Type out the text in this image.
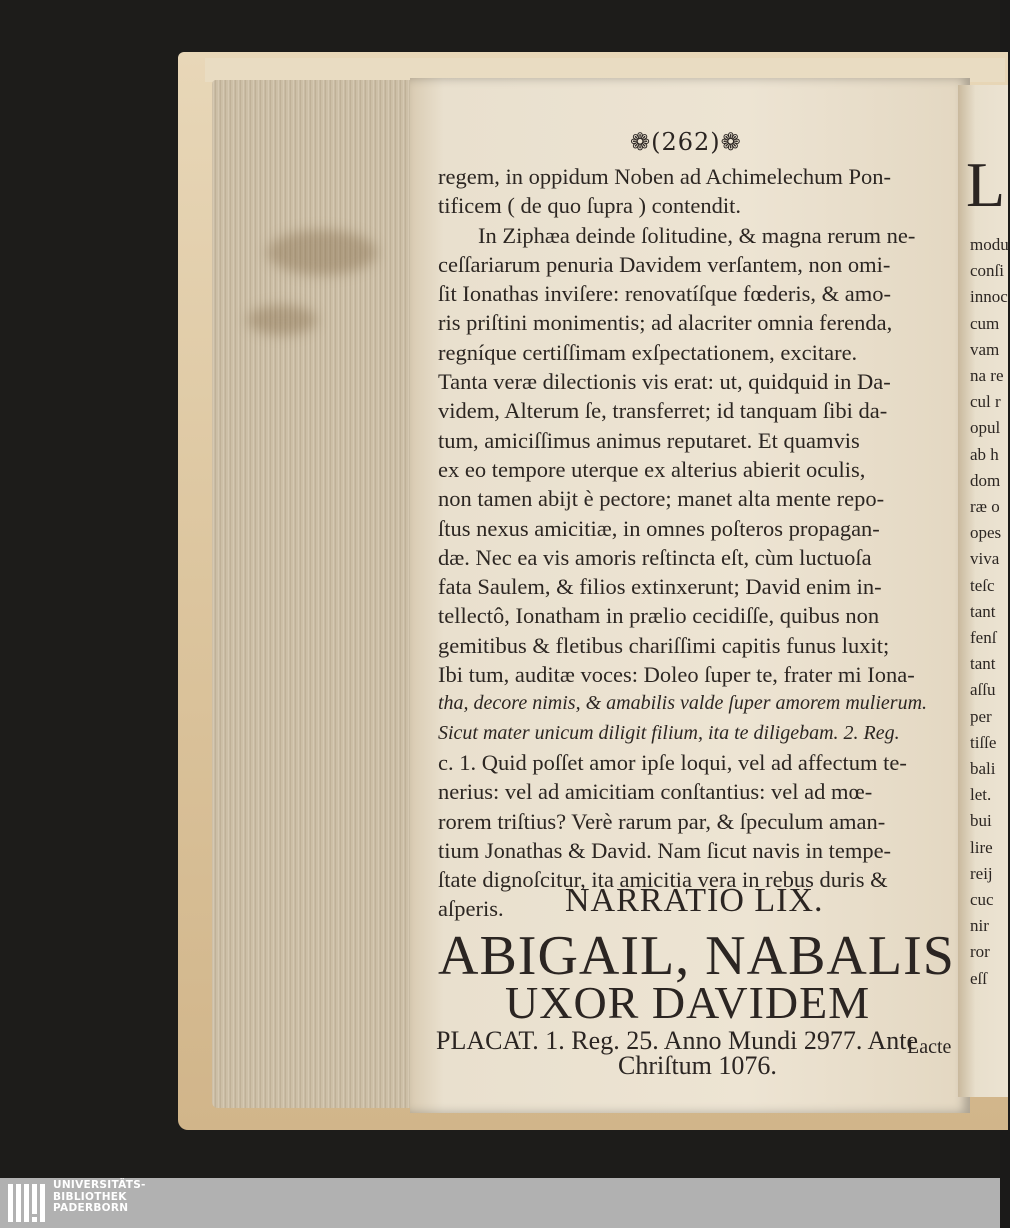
L
modu
conſi
innoc
cum
vam
na re
cul r
opul
ab h
dom
ræ o
opes
viva
teſc
tant
fenſ
tant
aſſu
per
tiſſe
bali
let.
bui
lire
reij
cuc
nir
ror
eſſ
❁(262)❁
regem, in oppidum Noben ad Achimelechum Pon-
tificem ( de quo ſupra ) contendit.
In Ziphæa deinde ſolitudine, & magna rerum ne-
ceſſariarum penuria Davidem verſantem, non omi-
ſit Ionathas inviſere: renovatíſque fœderis, & amo-
ris priſtini monimentis; ad alacriter omnia ferenda,
regníque certiſſimam exſpectationem, excitare.
Tanta veræ dilectionis vis erat: ut, quidquid in Da-
videm, Alterum ſe, transferret; id tanquam ſibi da-
tum, amiciſſimus animus reputaret. Et quamvis
ex eo tempore uterque ex alterius abierit oculis,
non tamen abijt è pectore; manet alta mente repo-
ſtus nexus amicitiæ, in omnes poſteros propagan-
dæ. Nec ea vis amoris reſtincta eſt, cùm luctuoſa
fata Saulem, & filios extinxerunt; David enim in-
tellectô, Ionatham in prælio cecidiſſe, quibus non
gemitibus & fletibus chariſſimi capitis funus luxit;
Ibi tum, auditæ voces: Doleo ſuper te, frater mi Iona-
tha, decore nimis, & amabilis valde ſuper amorem mulierum.
Sicut mater unicum diligit filium, ita te diligebam. 2. Reg.
c. 1. Quid poſſet amor ipſe loqui, vel ad affectum te-
nerius: vel ad amicitiam conſtantius: vel ad mœ-
rorem triſtius? Verè rarum par, & ſpeculum aman-
tium Jonathas & David. Nam ſicut navis in tempe-
ſtate dignoſcitur, ita amicitia vera in rebus duris &
aſperis.	NARRATIO LIX.
ABIGAIL, NABALIS
UXOR DAVIDEM
PLACAT. 1. Reg. 25. Anno Mundi 2977. Ante
Chriſtum 1076.
Lacte
UNIVERSITÄTS-
BIBLIOTHEK
PADERBORN
